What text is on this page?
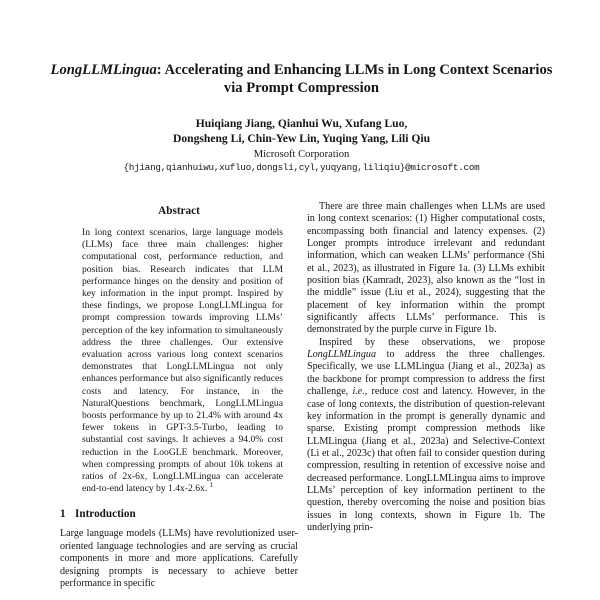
LongLLMLingua: Accelerating and Enhancing LLMs in Long Context Scenarios via Prompt Compression
Huiqiang Jiang, Qianhui Wu, Xufang Luo,
Dongsheng Li, Chin-Yew Lin, Yuqing Yang, Lili Qiu
Microsoft Corporation
{hjiang,qianhuiwu,xufluo,dongsli,cyl,yuqyang,liliqiu}@microsoft.com
Abstract

In long context scenarios, large language models (LLMs) face three main challenges: higher computational cost, performance reduction, and position bias. Research indicates that LLM performance hinges on the density and position of key information in the input prompt. Inspired by these findings, we propose LongLLMLingua for prompt compression towards improving LLMs’ perception of the key information to simultaneously address the three challenges. Our extensive evaluation across various long context scenarios demonstrates that LongLLMLingua not only enhances performance but also significantly reduces costs and latency. For instance, in the NaturalQuestions benchmark, LongLLMLingua boosts performance by up to 21.4% with around 4x fewer tokens in GPT-3.5-Turbo, leading to substantial cost savings. It achieves a 94.0% cost reduction in the LooGLE benchmark. Moreover, when compressing prompts of about 10k tokens at ratios of 2x-6x, LongLLMLingua can accelerate end-to-end latency by 1.4x-2.6x. $^1$

1 Introduction

Large language models (LLMs) have revolutionized user-oriented language technologies and are serving as crucial components in more and more applications. Carefully designing prompts is necessary to achieve better performance in specific

There are three main challenges when LLMs are used in long context scenarios: (1) Higher computational costs, encompassing both financial and latency expenses. (2) Longer prompts introduce irrelevant and redundant information, which can weaken LLMs’ performance (Shi et al., 2023), as illustrated in Figure 1a. (3) LLMs exhibit position bias (Kamradt, 2023), also known as the “lost in the middle” issue (Liu et al., 2024), suggesting that the placement of key information within the prompt significantly affects LLMs’ performance. This is demonstrated by the purple curve in Figure 1b.

Inspired by these observations, we propose LongLLMLingua to address the three challenges. Specifically, we use LLMLingua (Jiang et al., 2023a) as the backbone for prompt compression to address the first challenge, i.e., reduce cost and latency. However, in the case of long contexts, the distribution of question-relevant key information in the prompt is generally dynamic and sparse. Existing prompt compression methods like LLMLingua (Jiang et al., 2023a) and Selective-Context (Li et al., 2023c) that often fail to consider question during compression, resulting in retention of excessive noise and decreased performance. LongLLMLingua aims to improve LLMs’ perception of key information pertinent to the question, thereby overcoming the noise and position bias issues in long contexts, shown in Figure 1b. The underlying prin-
